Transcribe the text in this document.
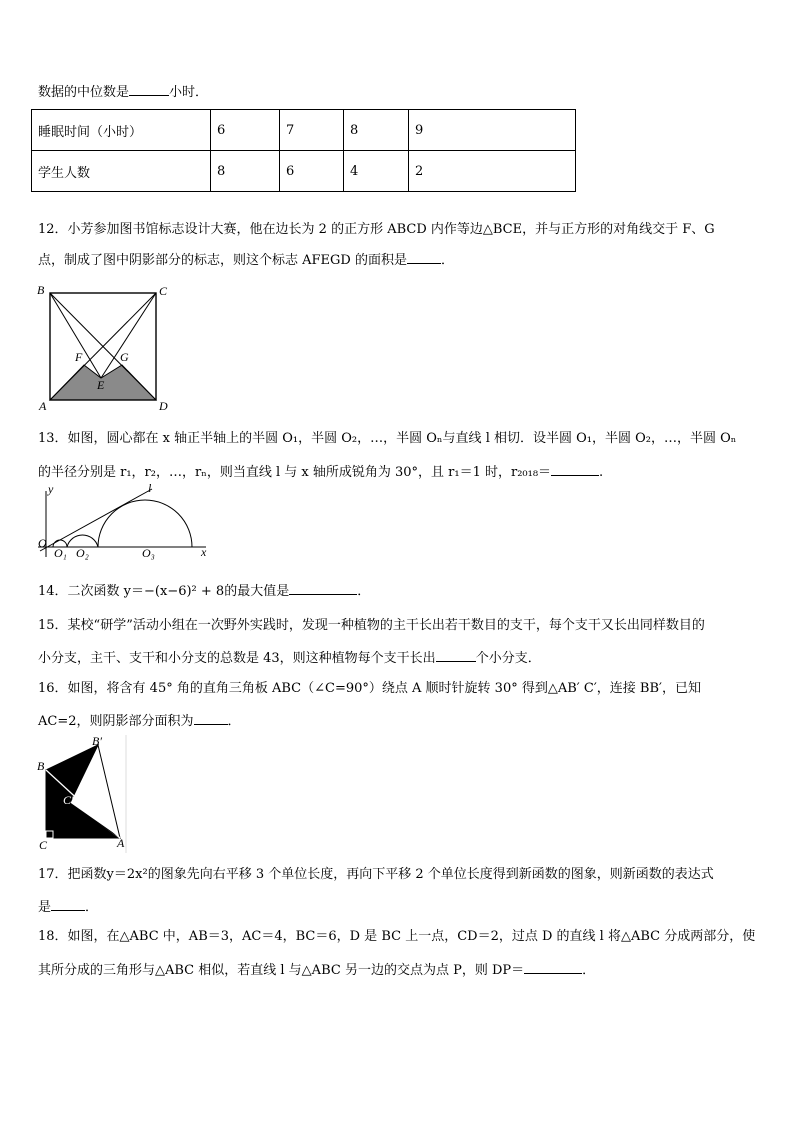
数据的中位数是	小时．
睡眠时间（小时）	6	7	8	9
学生人数	8	6	4	2
12．小芳参加图书馆标志设计大赛，他在边长为 2 的正方形 ABCD 内作等边△BCE，并与正方形的对角线交于 F、G
点，制成了图中阴影部分的标志，则这个标志 AFEGD 的面积是	．
B	C
F	G
E
A	D
13．如图，圆心都在 x 轴正半轴上的半圆 O₁，半圆 O₂，…，半圆 Oₙ与直线 l 相切．设半圆 O₁，半圆 O₂，…，半圆 Oₙ
的半径分别是 r₁，r₂，…，rₙ，则当直线 l 与 x 轴所成锐角为 30°，且 r₁＝1 时，r₂₀₁₈＝	.
y	l
O
O₁ O₂	O₃	x
14．二次函数 y＝−(x−6)² + 8的最大值是	．
15．某校“研学”活动小组在一次野外实践时，发现一种植物的主干长出若干数目的支干，每个支干又长出同样数目的
小分支，主干、支干和小分支的总数是 43，则这种植物每个支干长出	个小分支．
16．如图，将含有 45° 角的直角三角板 ABC（∠C=90°）绕点 A 顺时针旋转 30° 得到△AB′ C′，连接 BB′，已知
AC=2，则阴影部分面积为	．
B′
B
C′
C	A
17．把函数y＝2x²的图象先向右平移 3 个单位长度，再向下平移 2 个单位长度得到新函数的图象，则新函数的表达式
是	．
18．如图，在△ABC 中，AB＝3，AC＝4，BC＝6，D 是 BC 上一点，CD＝2，过点 D 的直线 l 将△ABC 分成两部分，使
其所分成的三角形与△ABC 相似，若直线 l 与△ABC 另一边的交点为点 P，则 DP＝	．
